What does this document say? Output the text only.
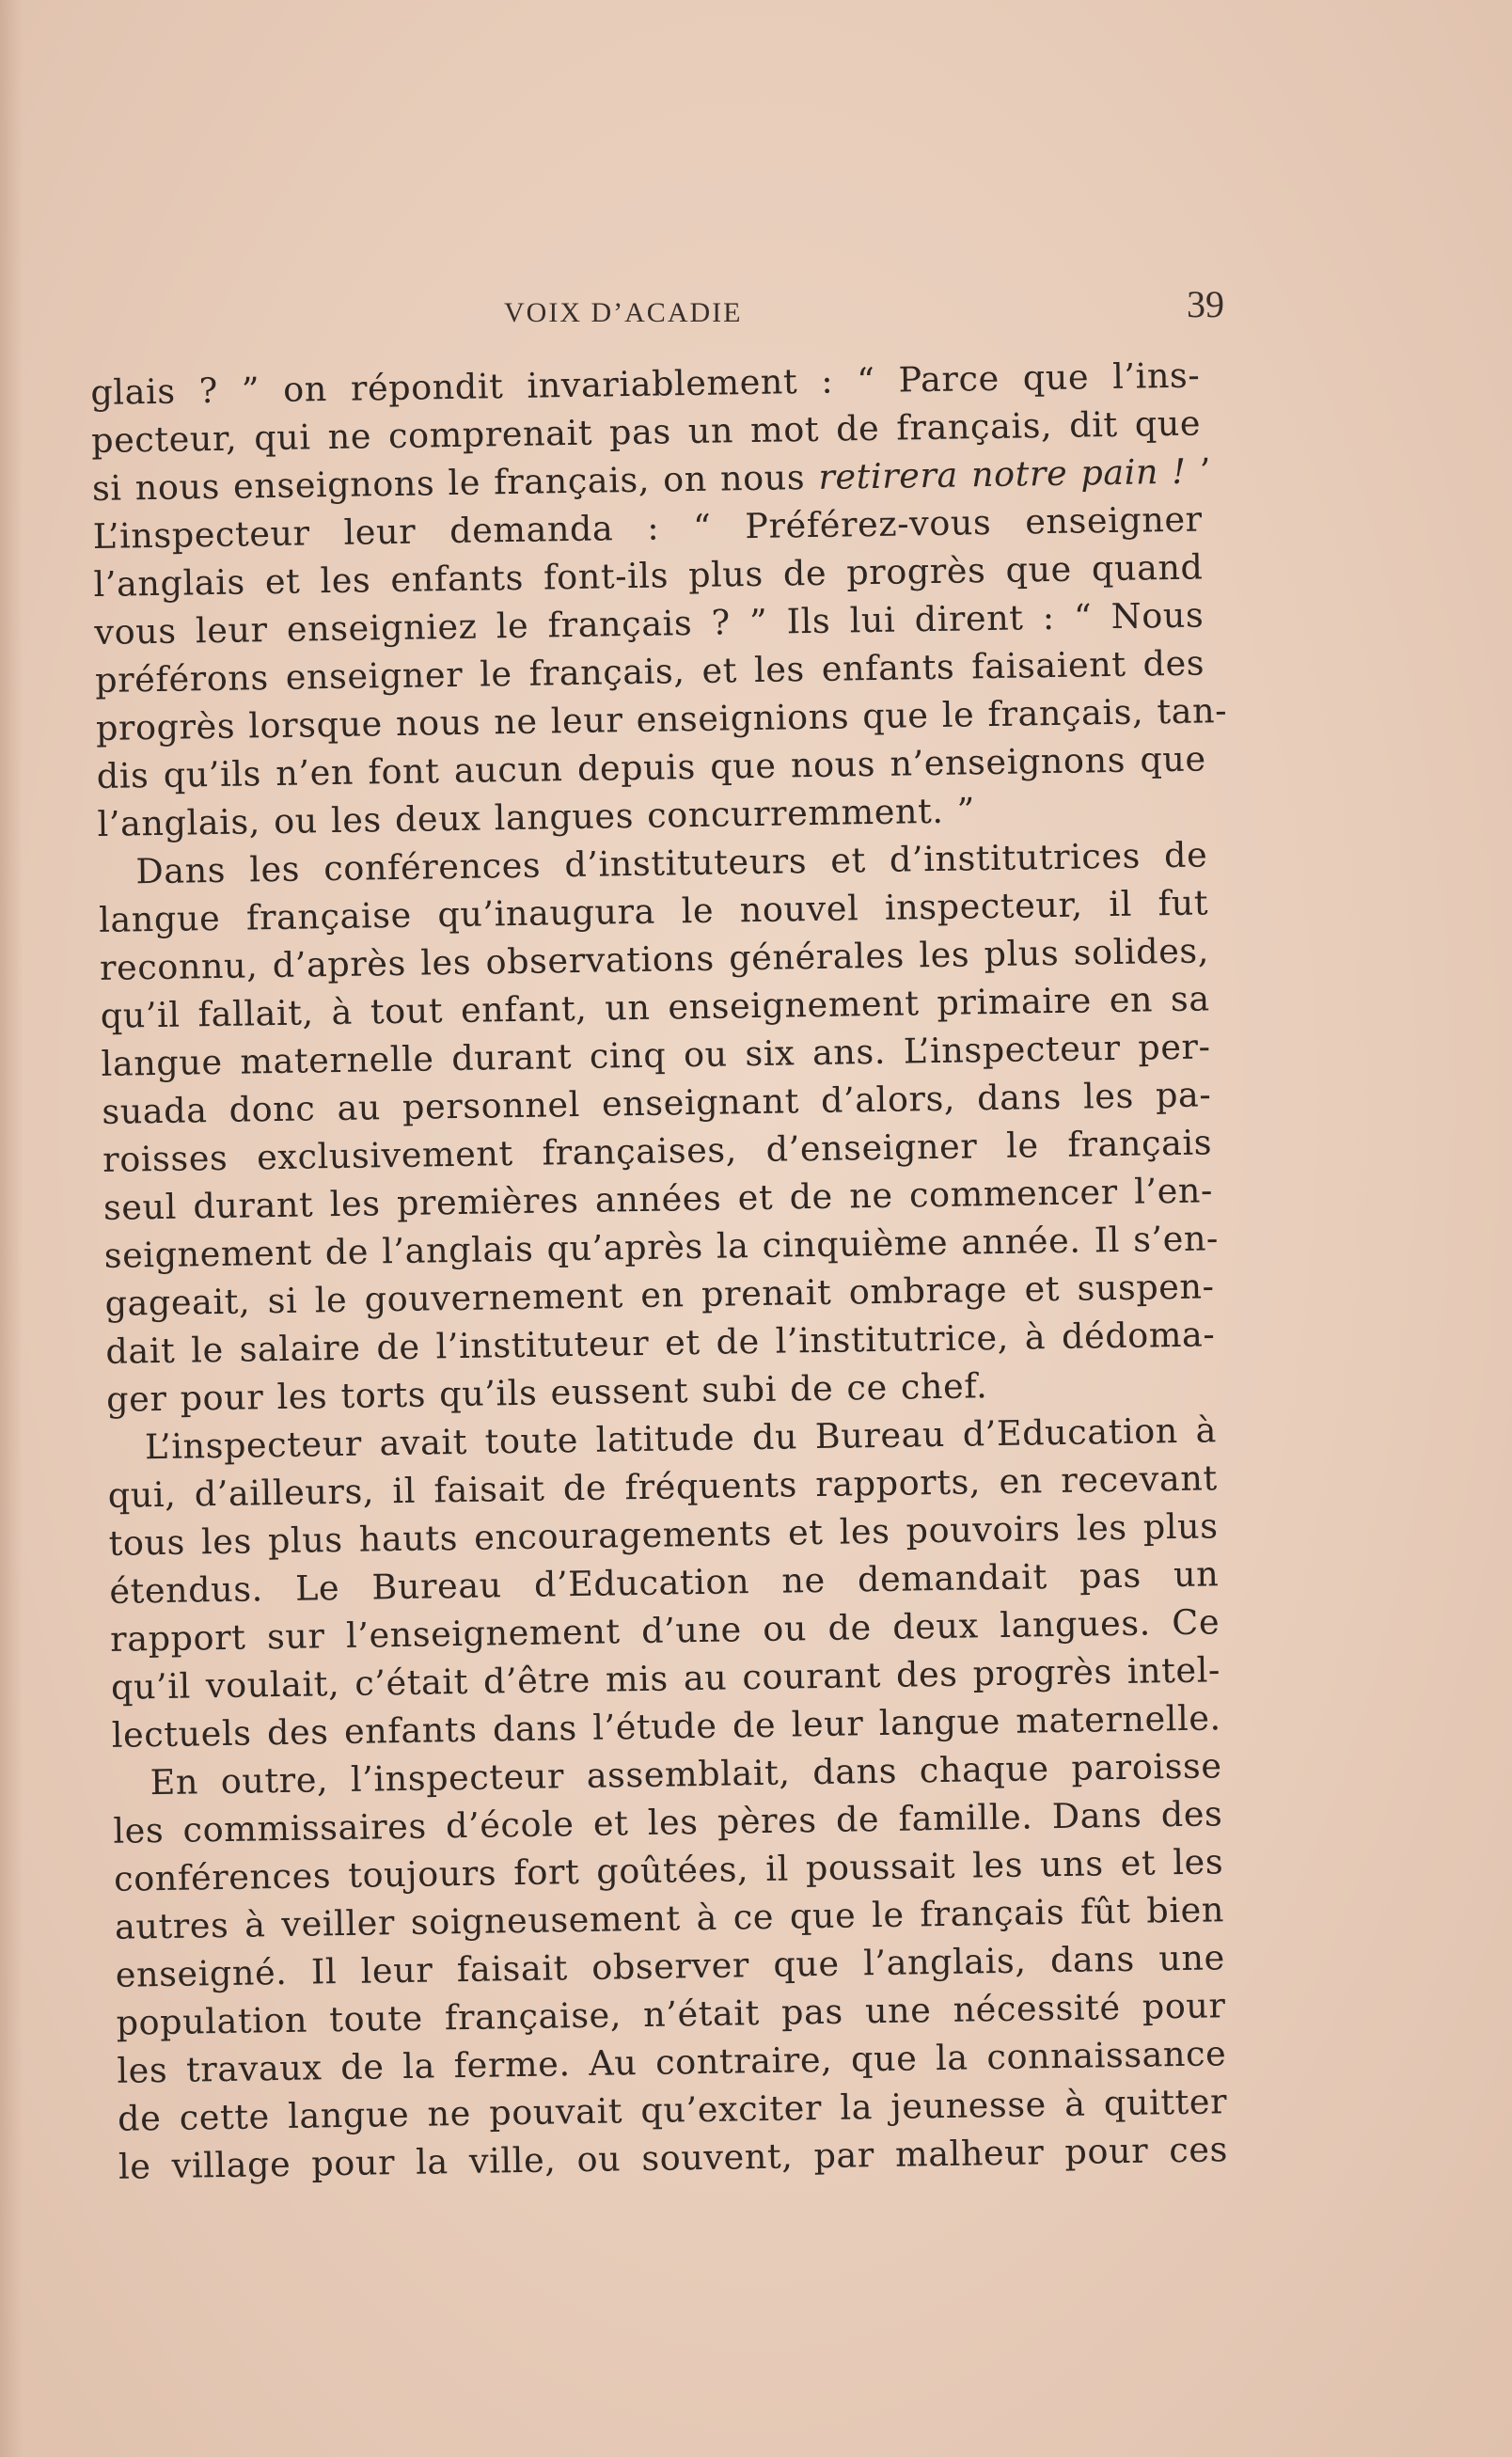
VOIX D’ACADIE	39
glais ? ” on répondit invariablement : “ Parce que l’ins-
pecteur, qui ne comprenait pas un mot de français, dit que
si nous enseignons le français, on nous retirera notre pain ! ’
L’inspecteur leur demanda : “ Préférez-vous enseigner
l’anglais et les enfants font-ils plus de progrès que quand
vous leur enseigniez le français ? ” Ils lui dirent : “ Nous
préférons enseigner le français, et les enfants faisaient des
progrès lorsque nous ne leur enseignions que le français, tan-
dis qu’ils n’en font aucun depuis que nous n’enseignons que
l’anglais, ou les deux langues concurremment. ”
Dans les conférences d’instituteurs et d’institutrices de
langue française qu’inaugura le nouvel inspecteur, il fut
reconnu, d’après les observations générales les plus solides,
qu’il fallait, à tout enfant, un enseignement primaire en sa
langue maternelle durant cinq ou six ans. L’inspecteur per-
suada donc au personnel enseignant d’alors, dans les pa-
roisses exclusivement françaises, d’enseigner le français
seul durant les premières années et de ne commencer l’en-
seignement de l’anglais qu’après la cinquième année. Il s’en-
gageait, si le gouvernement en prenait ombrage et suspen-
dait le salaire de l’instituteur et de l’institutrice, à dédoma-
ger pour les torts qu’ils eussent subi de ce chef.
L’inspecteur avait toute latitude du Bureau d’Education à
qui, d’ailleurs, il faisait de fréquents rapports, en recevant
tous les plus hauts encouragements et les pouvoirs les plus
étendus. Le Bureau d’Education ne demandait pas un
rapport sur l’enseignement d’une ou de deux langues. Ce
qu’il voulait, c’était d’être mis au courant des progrès intel-
lectuels des enfants dans l’étude de leur langue maternelle.
En outre, l’inspecteur assemblait, dans chaque paroisse
les commissaires d’école et les pères de famille. Dans des
conférences toujours fort goûtées, il poussait les uns et les
autres à veiller soigneusement à ce que le français fût bien
enseigné. Il leur faisait observer que l’anglais, dans une
population toute française, n’était pas une nécessité pour
les travaux de la ferme. Au contraire, que la connaissance
de cette langue ne pouvait qu’exciter la jeunesse à quitter
le village pour la ville, ou souvent, par malheur pour ces
